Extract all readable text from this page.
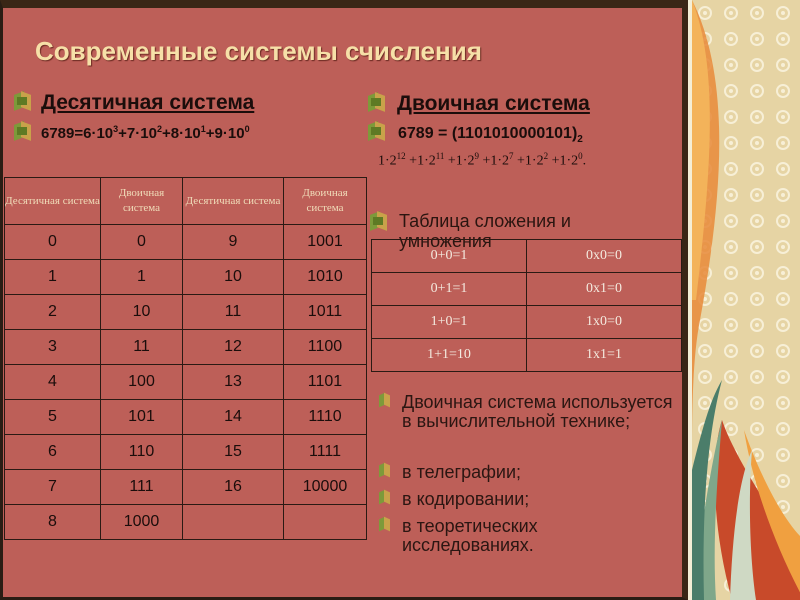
Современные системы счисления
Десятичная система
$6789=6\cdot 10^3+7\cdot 10^2+8\cdot 10^1+9\cdot 10^0$
Двоичная система
$6789 = (1101010000101)_2$
$1\cdot 2^{12} +1\cdot 2^{11} +1\cdot 2^9 +1\cdot 2^7 +1\cdot 2^2 +1\cdot 2^0$.
Десятичная система	Двоичная система	Десятичная система	Двоичная система
0	0	9	1001
1	1	10	1010
2	10	11	1011
3	11	12	1100
4	100	13	1101
5	101	14	1110
6	110	15	1111
7	111	16	10000
8	1000		
Таблица сложения и умножения
0+0=1	0x0=0
0+1=1	0x1=0
1+0=1	1x0=0
1+1=10	1x1=1
Двоичная система используется в вычислительной технике;
в телеграфии;
в кодировании;
в теоретических исследованиях.
